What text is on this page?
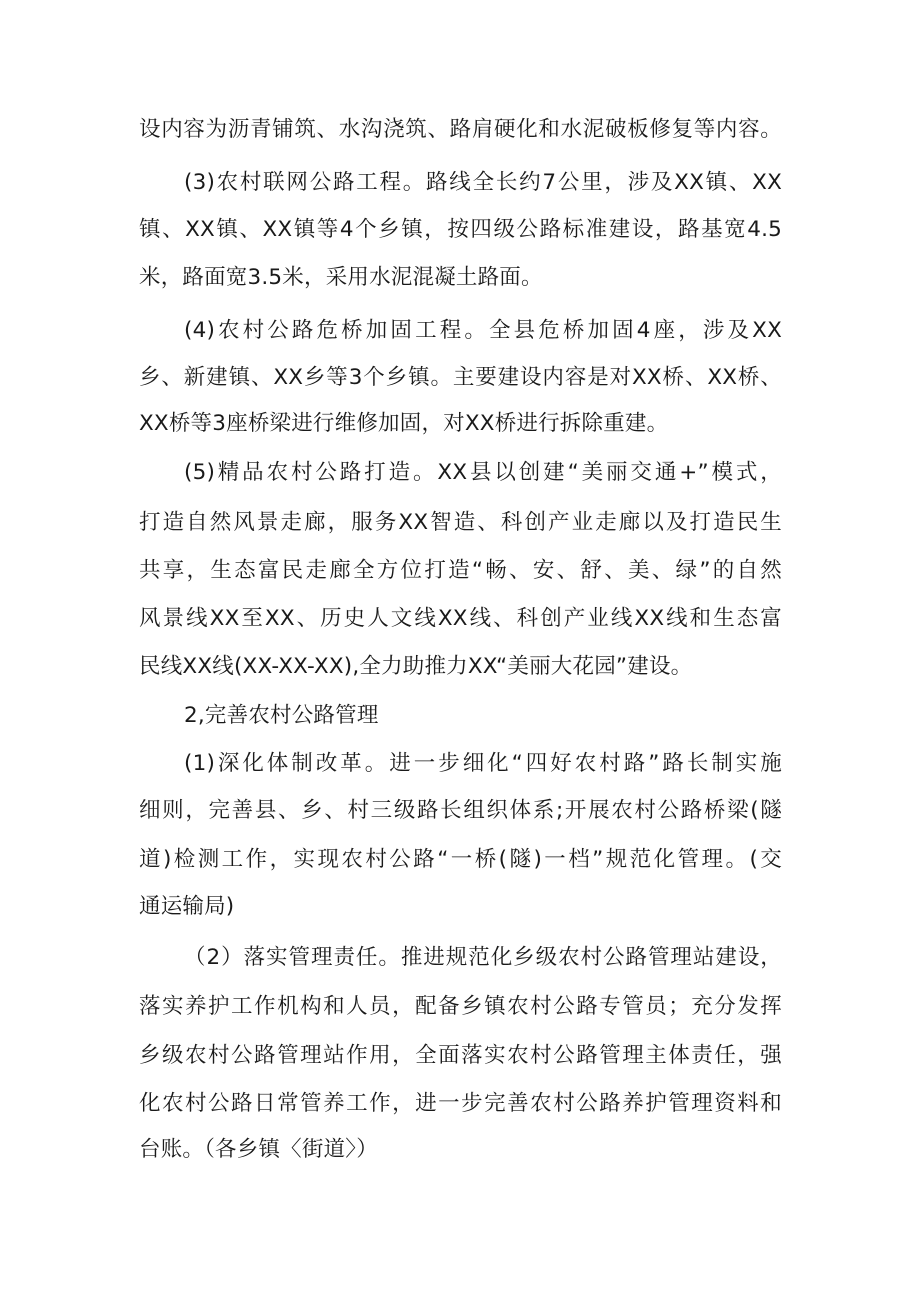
设内容为沥青铺筑、水沟浇筑、路肩硬化和水泥破板修复等内容。
(3)农村联网公路工程。路线全长约7公里，涉及XX镇、XX
镇、XX镇、XX镇等4个乡镇，按四级公路标准建设，路基宽4.5
米，路面宽3.5米，采用水泥混凝土路面。
(4)农村公路危桥加固工程。全县危桥加固4座，涉及XX
乡、新建镇、XX乡等3个乡镇。主要建设内容是对XX桥、XX桥、
XX桥等3座桥梁进行维修加固，对XX桥进行拆除重建。
(5)精品农村公路打造。XX县以创建“美丽交通+”模式，
打造自然风景走廊，服务XX智造、科创产业走廊以及打造民生
共享，生态富民走廊全方位打造“畅、安、舒、美、绿”的自然
风景线XX至XX、历史人文线XX线、科创产业线XX线和生态富
民线XX线(XX-XX-XX),全力助推力XX“美丽大花园”建设。
2,完善农村公路管理
(1)深化体制改革。进一步细化“四好农村路”路长制实施
细则，完善县、乡、村三级路长组织体系;开展农村公路桥梁(隧
道)检测工作，实现农村公路“一桥(隧)一档”规范化管理。(交
通运输局)
（2）落实管理责任。推进规范化乡级农村公路管理站建设，
落实养护工作机构和人员，配备乡镇农村公路专管员；充分发挥
乡级农村公路管理站作用，全面落实农村公路管理主体责任，强
化农村公路日常管养工作，进一步完善农村公路养护管理资料和
台账。（各乡镇〈街道〉）
